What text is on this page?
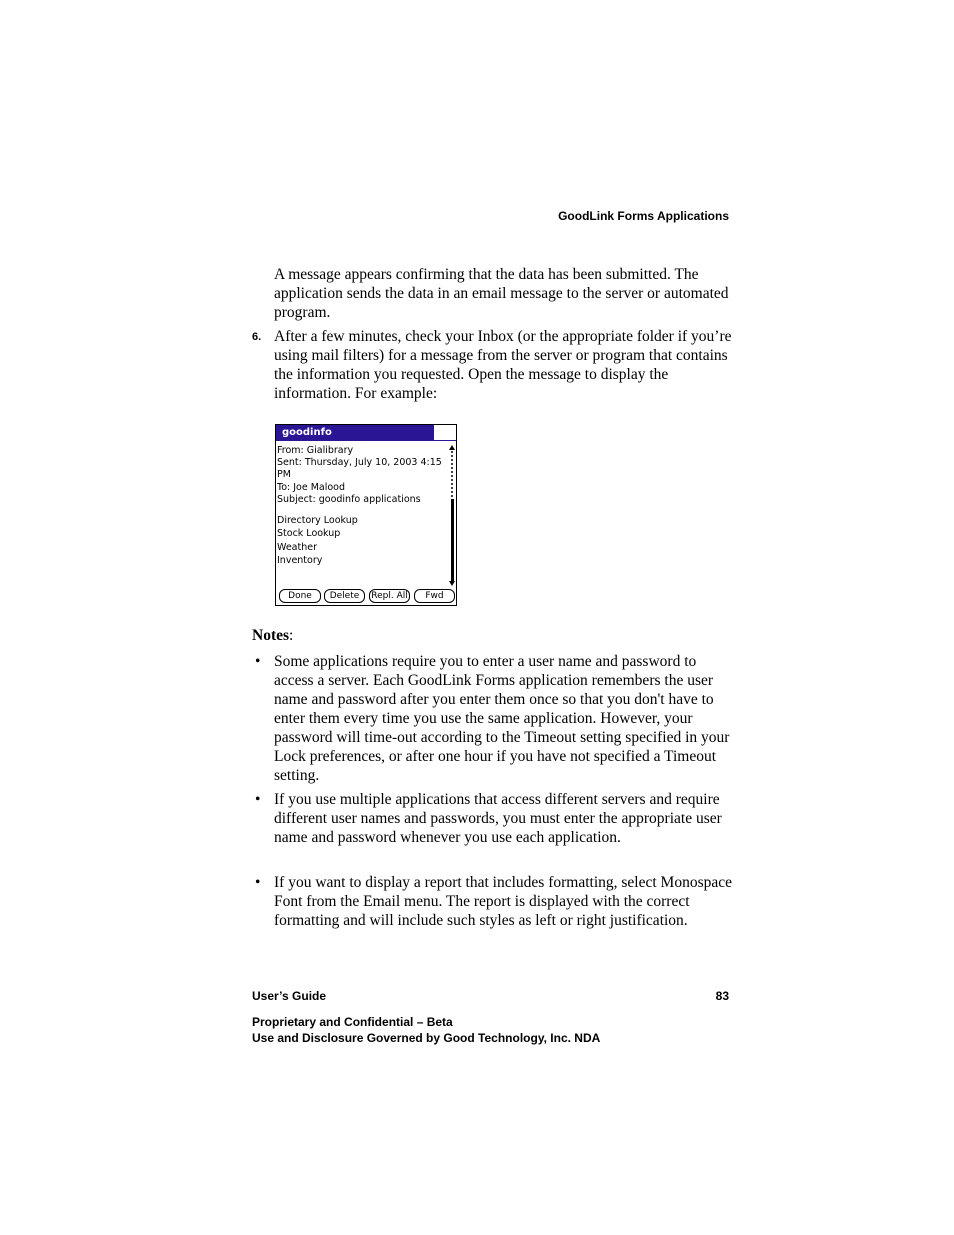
GoodLink Forms Applications

A message appears confirming that the data has been submitted. The application sends the data in an email message to the server or automated program.

6. After a few minutes, check your Inbox (or the appropriate folder if you’re using mail filters) for a message from the server or program that contains the information you requested. Open the message to display the information. For example:

goodinfo
From: Gialibrary
Sent: Thursday, July 10, 2003 4:15
PM
To: Joe Malood
Subject: goodinfo applications
Directory Lookup
Stock Lookup
Weather
Inventory
Done	Delete	Repl. All	Fwd
Notes:
• Some applications require you to enter a user name and password to access a server. Each GoodLink Forms application remembers the user name and password after you enter them once so that you don't have to enter them every time you use the same application. However, your password will time-out according to the Timeout setting specified in your Lock preferences, or after one hour if you have not specified a Timeout setting.

• If you use multiple applications that access different servers and require different user names and passwords, you must enter the appropriate user name and password whenever you use each application.

• If you want to display a report that includes formatting, select Monospace Font from the Email menu. The report is displayed with the correct formatting and will include such styles as left or right justification.

User’s Guide	83
Proprietary and Confidential – Beta
Use and Disclosure Governed by Good Technology, Inc. NDA
